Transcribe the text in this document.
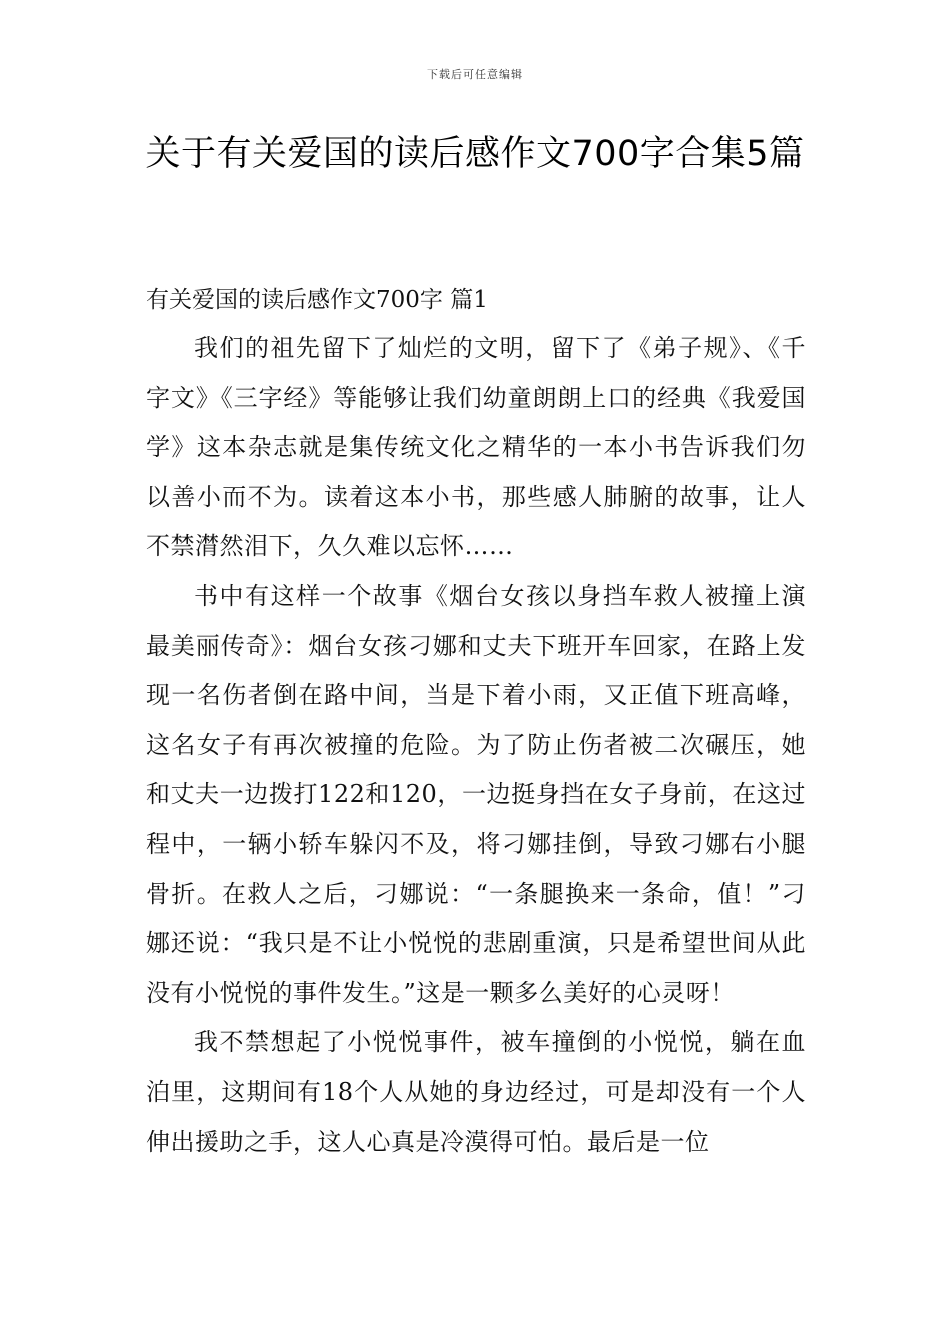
下载后可任意编辑
关于有关爱国的读后感作文700字合集5篇
有关爱国的读后感作文700字 篇1

我们的祖先留下了灿烂的文明，留下了《弟子规》、《千字文》《三字经》等能够让我们幼童朗朗上口的经典《我爱国学》这本杂志就是集传统文化之精华的一本小书告诉我们勿以善小而不为。读着这本小书，那些感人肺腑的故事，让人不禁潸然泪下，久久难以忘怀……

书中有这样一个故事《烟台女孩以身挡车救人被撞上演最美丽传奇》：烟台女孩刁娜和丈夫下班开车回家，在路上发现一名伤者倒在路中间，当是下着小雨，又正值下班高峰，这名女子有再次被撞的危险。为了防止伤者被二次碾压，她和丈夫一边拨打122和120，一边挺身挡在女子身前，在这过程中，一辆小轿车躲闪不及，将刁娜挂倒，导致刁娜右小腿骨折。在救人之后，刁娜说：“一条腿换来一条命，值！”刁娜还说：“我只是不让小悦悦的悲剧重演，只是希望世间从此没有小悦悦的事件发生。”这是一颗多么美好的心灵呀！

我不禁想起了小悦悦事件，被车撞倒的小悦悦，躺在血泊里，这期间有18个人从她的身边经过，可是却没有一个人伸出援助之手，这人心真是冷漠得可怕。最后是一位
